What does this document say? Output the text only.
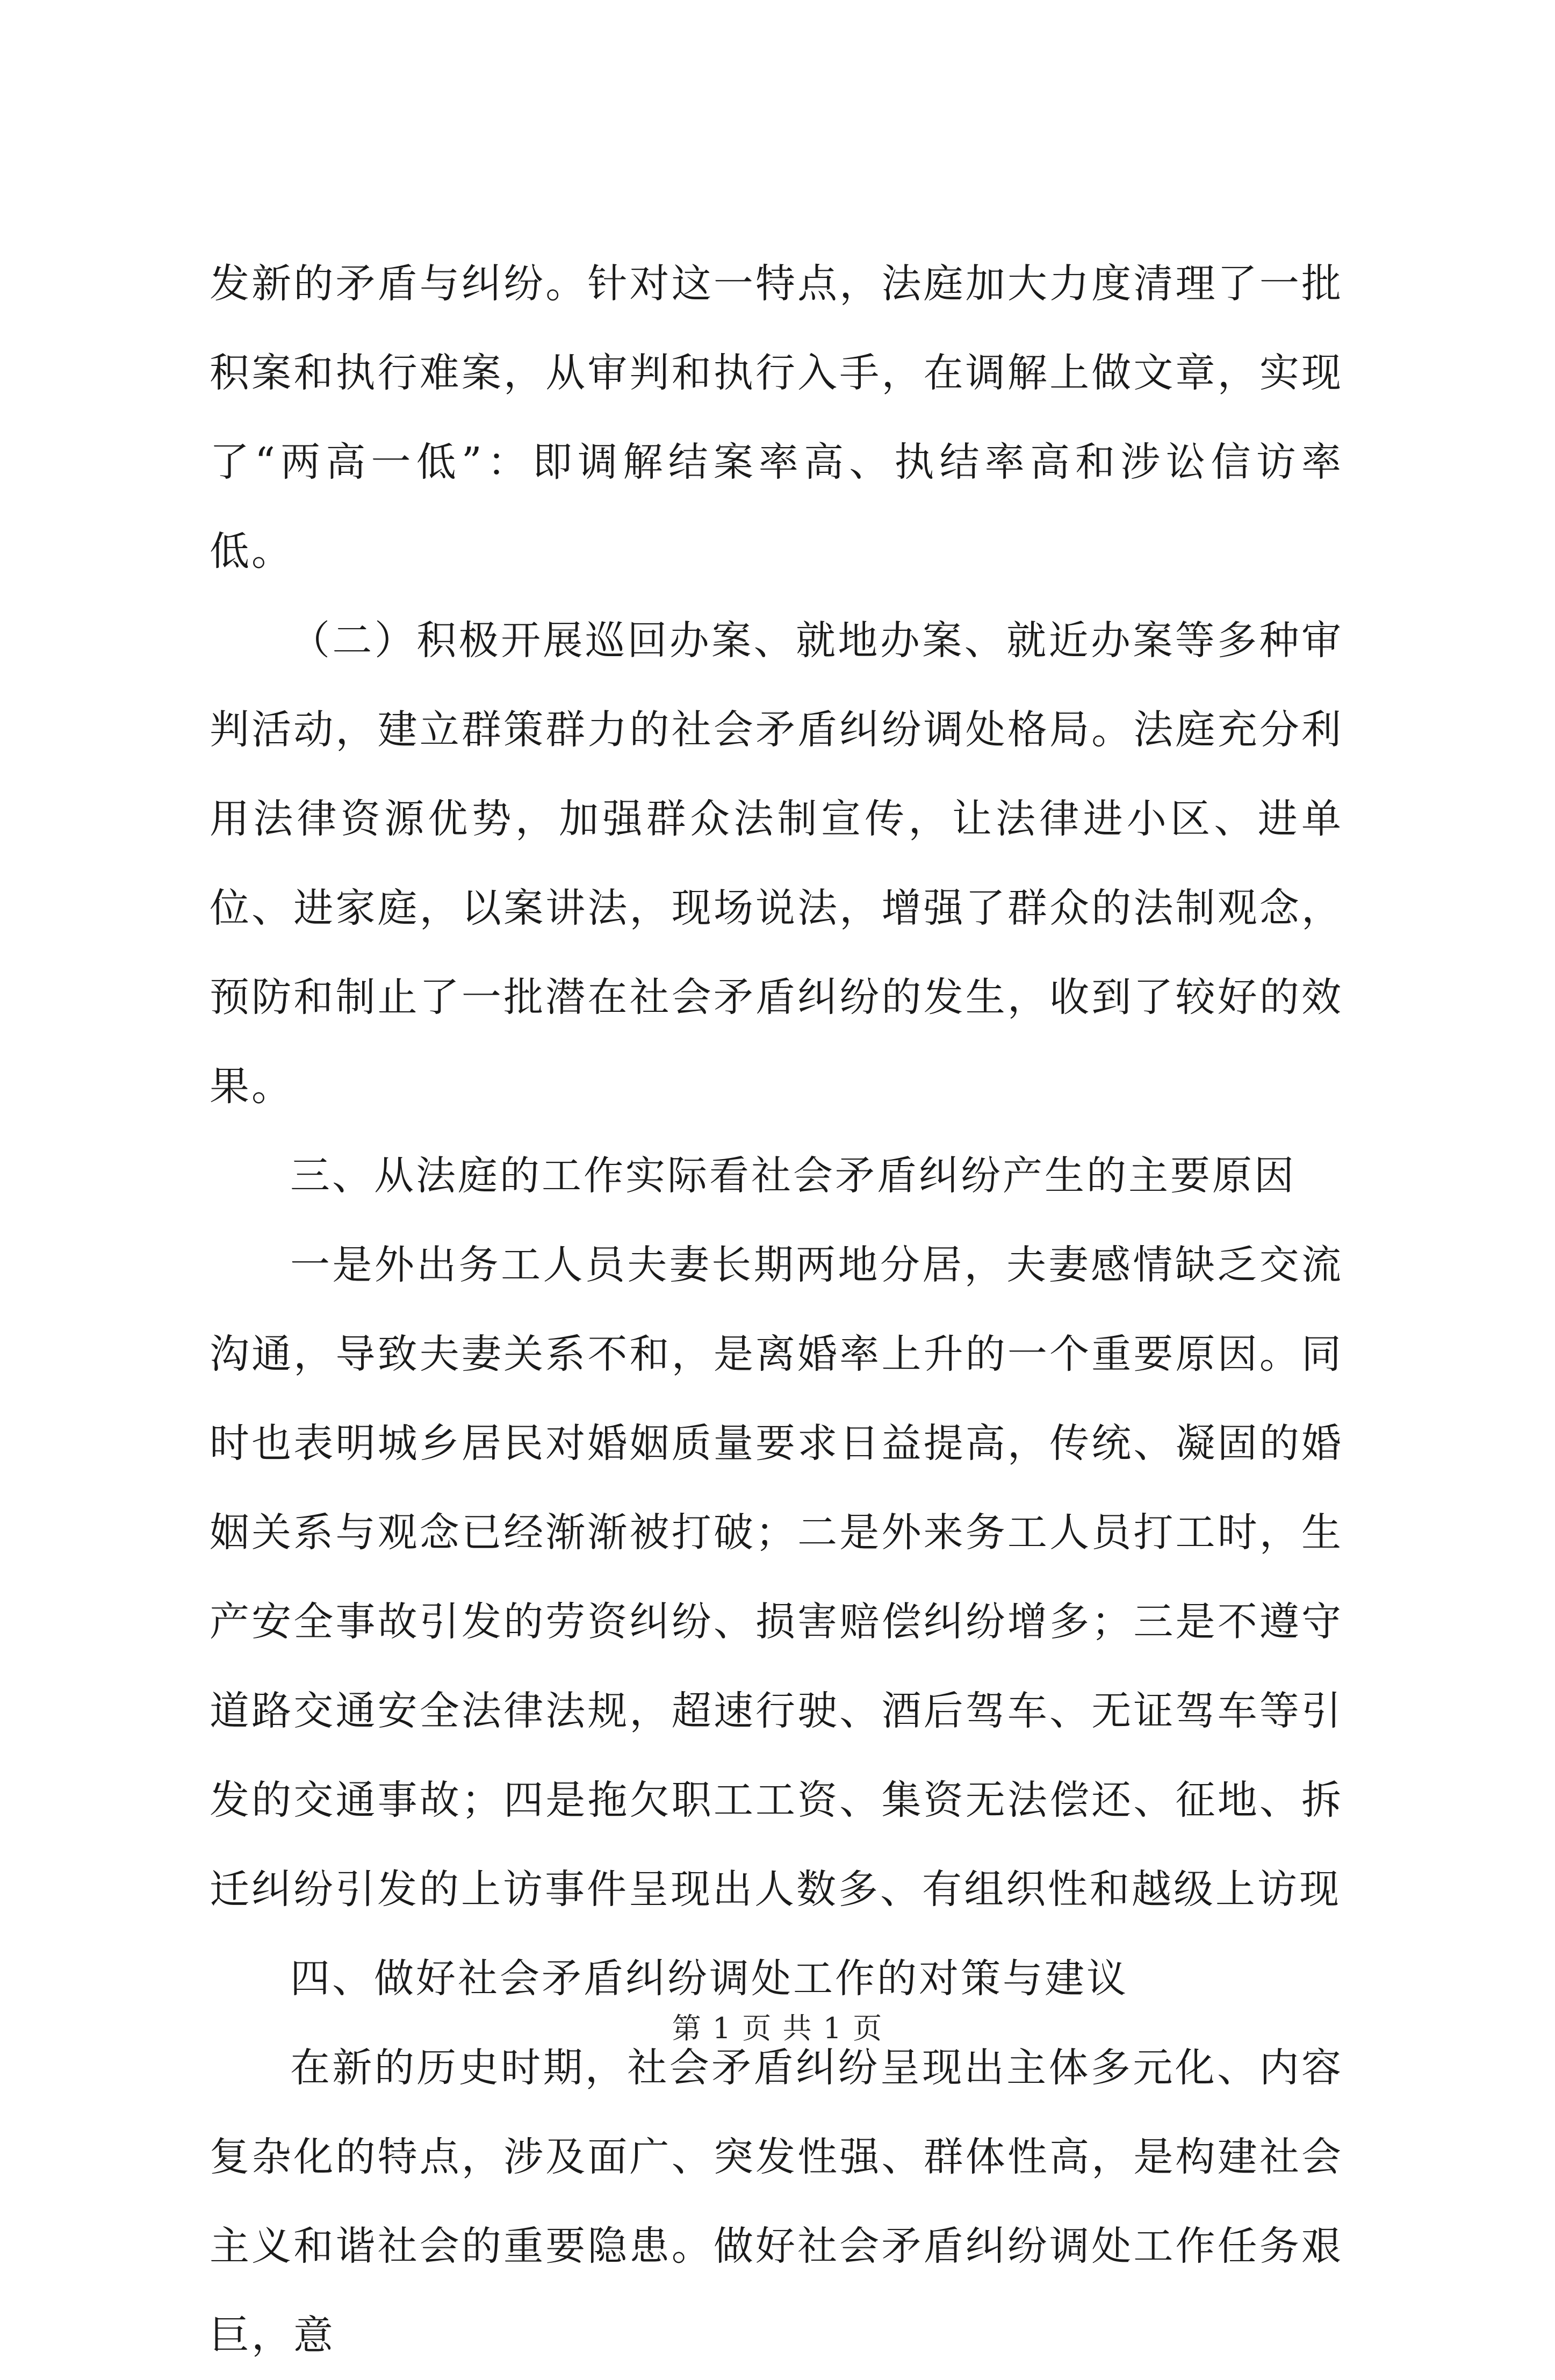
发新的矛盾与纠纷。针对这一特点，法庭加大力度清理了一批积案和执行难案，从审判和执行入手，在调解上做文章，实现了“两高一低”：即调解结案率高、执结率高和涉讼信访率低。

（二）积极开展巡回办案、就地办案、就近办案等多种审判活动，建立群策群力的社会矛盾纠纷调处格局。法庭充分利用法律资源优势，加强群众法制宣传，让法律进小区、进单位、进家庭，以案讲法，现场说法，增强了群众的法制观念，预防和制止了一批潜在社会矛盾纠纷的发生，收到了较好的效果。

三、从法庭的工作实际看社会矛盾纠纷产生的主要原因

一是外出务工人员夫妻长期两地分居，夫妻感情缺乏交流沟通，导致夫妻关系不和，是离婚率上升的一个重要原因。同时也表明城乡居民对婚姻质量要求日益提高，传统、凝固的婚姻关系与观念已经渐渐被打破；二是外来务工人员打工时，生产安全事故引发的劳资纠纷、损害赔偿纠纷增多；三是不遵守道路交通安全法律法规，超速行驶、酒后驾车、无证驾车等引发的交通事故；四是拖欠职工工资、集资无法偿还、征地、拆迁纠纷引发的上访事件呈现出人数多、有组织性和越级上访现

四、做好社会矛盾纠纷调处工作的对策与建议

在新的历史时期，社会矛盾纠纷呈现出主体多元化、内容复杂化的特点，涉及面广、突发性强、群体性高，是构建社会主义和谐社会的重要隐患。做好社会矛盾纠纷调处工作任务艰巨，意

第 1 页 共 1 页
